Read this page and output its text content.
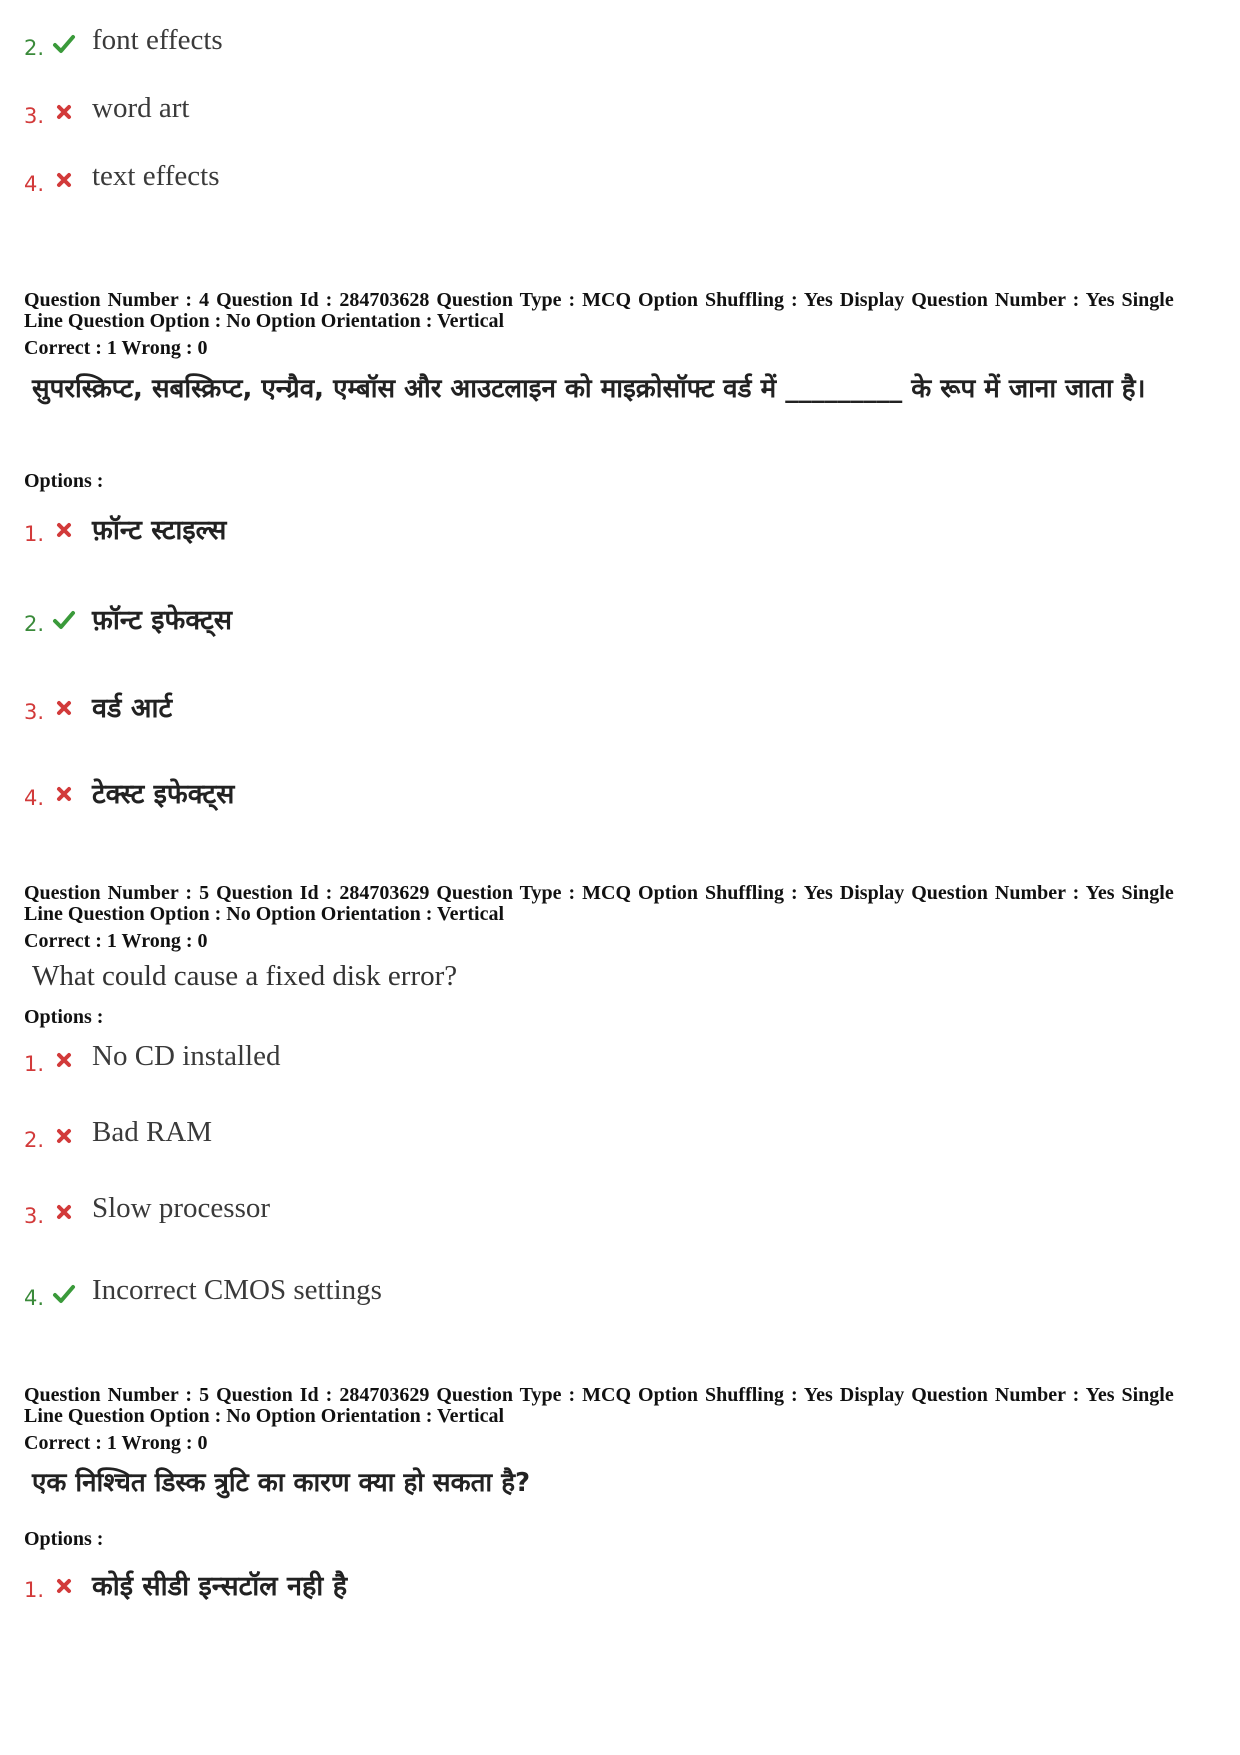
2. font effects
3. word art
4. text effects
Question Number : 4 Question Id : 284703628 Question Type : MCQ Option Shuffling : Yes Display Question Number : Yes Single
Line Question Option : No Option Orientation : Vertical
Correct : 1 Wrong : 0
सुपरस्क्रिप्ट, सबस्क्रिप्ट, एन्ग्रैव, एम्बॉस और आउटलाइन को माइक्रोसॉफ्ट वर्ड में _________ के रूप में जाना जाता है।
Options :
1. फ़ॉन्ट स्टाइल्स
2. फ़ॉन्ट इफेक्ट्स
3. वर्ड आर्ट
4. टेक्स्ट इफेक्ट्स
Question Number : 5 Question Id : 284703629 Question Type : MCQ Option Shuffling : Yes Display Question Number : Yes Single
Line Question Option : No Option Orientation : Vertical
Correct : 1 Wrong : 0
What could cause a fixed disk error?
Options :
1. No CD installed
2. Bad RAM
3. Slow processor
4. Incorrect CMOS settings
Question Number : 5 Question Id : 284703629 Question Type : MCQ Option Shuffling : Yes Display Question Number : Yes Single
Line Question Option : No Option Orientation : Vertical
Correct : 1 Wrong : 0
एक निश्चित डिस्क त्रुटि का कारण क्या हो सकता है?
Options :
1. कोई सीडी इन्सटॉल नही है
